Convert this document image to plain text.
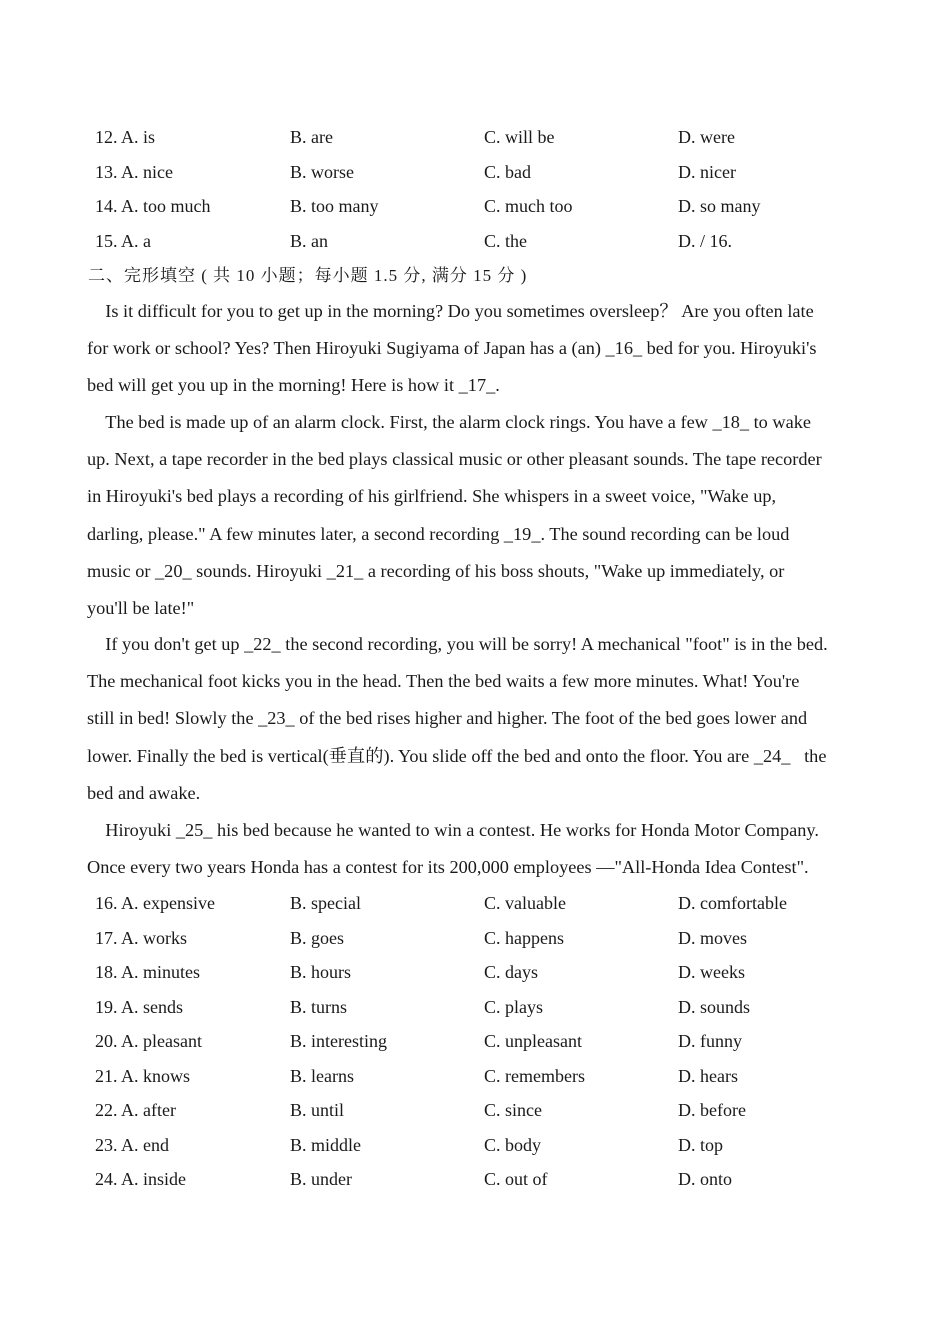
12. A. is	B. are	C. will be	D. were
13. A. nice	B. worse	C. bad	D. nicer
14. A. too much	B. too many	C. much too	D. so many
15. A. a	B. an	C. the	D. / 16.
二、完形填空 ( 共 10 小题；每小题 1.5 分, 满分 15 分 )

Is it difficult for you to get up in the morning? Do you sometimes oversleep？ Are you often late
for work or school? Yes? Then Hiroyuki Sugiyama of Japan has a (an) _16_ bed for you. Hiroyuki's
bed will get you up in the morning! Here is how it _17_.

The bed is made up of an alarm clock. First, the alarm clock rings. You have a few _18_ to wake
up. Next, a tape recorder in the bed plays classical music or other pleasant sounds. The tape recorder
in Hiroyuki's bed plays a recording of his girlfriend. She whispers in a sweet voice, "Wake up,
darling, please." A few minutes later, a second recording _19_. The sound recording can be loud
music or _20_ sounds. Hiroyuki _21_ a recording of his boss shouts, "Wake up immediately, or
you'll be late!"

If you don't get up _22_ the second recording, you will be sorry! A mechanical "foot" is in the bed.
The mechanical foot kicks you in the head. Then the bed waits a few more minutes. What! You're
still in bed! Slowly the _23_ of the bed rises higher and higher. The foot of the bed goes lower and
lower. Finally the bed is vertical(垂直的). You slide off the bed and onto the floor. You are _24_   the
bed and awake.

Hiroyuki _25_ his bed because he wanted to win a contest. He works for Honda Motor Company.
Once every two years Honda has a contest for its 200,000 employees —"All-Honda Idea Contest".

16. A. expensive	B. special	C. valuable	D. comfortable
17. A. works	B. goes	C. happens	D. moves
18. A. minutes	B. hours	C. days	D. weeks
19. A. sends	B. turns	C. plays	D. sounds
20. A. pleasant	B. interesting	C. unpleasant	D. funny
21. A. knows	B. learns	C. remembers	D. hears
22. A. after	B. until	C. since	D. before
23. A. end	B. middle	C. body	D. top
24. A. inside	B. under	C. out of	D. onto
